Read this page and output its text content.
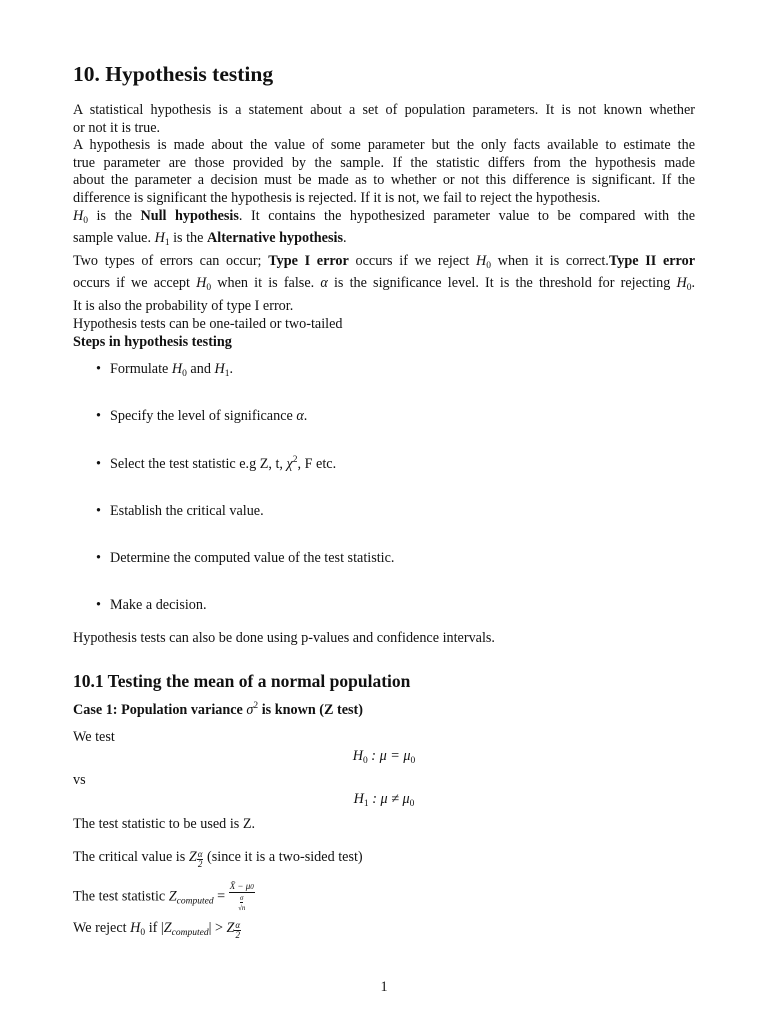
10. Hypothesis testing
A statistical hypothesis is a statement about a set of population parameters. It is not known whether
or not it is true.
A hypothesis is made about the value of some parameter but the only facts available to estimate the
true parameter are those provided by the sample. If the statistic differs from the hypothesis made
about the parameter a decision must be made as to whether or not this difference is significant. If the
difference is significant the hypothesis is rejected. If it is not, we fail to reject the hypothesis.
$H_0$ is the Null hypothesis. It contains the hypothesized parameter value to be compared with the
sample value. $H_1$ is the Alternative hypothesis.
Two types of errors can occur; Type I error occurs if we reject $H_0$ when it is correct.Type II error
occurs if we accept $H_0$ when it is false. α is the significance level. It is the threshold for rejecting $H_0$.
It is also the probability of type I error.
Hypothesis tests can be one-tailed or two-tailed
Steps in hypothesis testing
• Formulate $H_0$ and $H_1$.
• Specify the level of significance α.
• Select the test statistic e.g Z, t, $\chi^2$, F etc.
• Establish the critical value.
• Determine the computed value of the test statistic.
• Make a decision.
Hypothesis tests can also be done using p-values and confidence intervals.
10.1 Testing the mean of a normal population
Case 1: Population variance $\sigma^2$ is known (Z test)
We test
$H_0$ : $\mu = \mu_0$
vs
$H_1$ : $\mu \ne \mu_0$
The test statistic to be used is Z.
The critical value is Z $\frac{\alpha}{2}$ (since it is a two-sided test)
The test statistic $Z_{computed}$ =
X̄ − μ0
σ
√n
We reject $H_0$ if $|Z_{computed}| > Z \frac{\alpha}{2}$
1
